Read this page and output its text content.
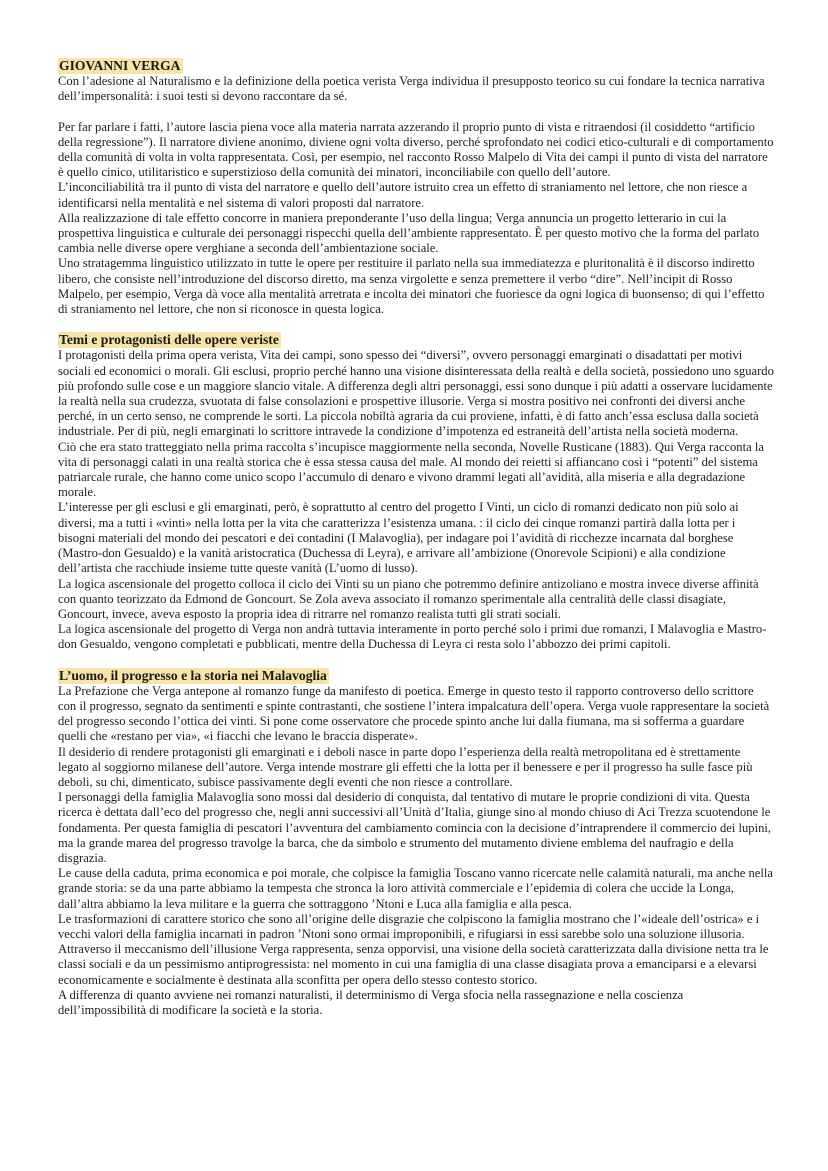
GIOVANNI VERGA

Con l’adesione al Naturalismo e la definizione della poetica verista Verga individua il presupposto teorico su cui fondare la tecnica narrativa dell’impersonalità: i suoi testi si devono raccontare da sé.

Per far parlare i fatti, l’autore lascia piena voce alla materia narrata azzerando il proprio punto di vista e ritraendosi (il cosiddetto “artificio della regressione”). Il narratore diviene anonimo, diviene ogni volta diverso, perché sprofondato nei codici etico-culturali e di comportamento della comunità di volta in volta rappresentata. Così, per esempio, nel racconto Rosso Malpelo di Vita dei campi il punto di vista del narratore è quello cinico, utilitaristico e superstizioso della comunità dei minatori, inconciliabile con quello dell’autore.

L’inconciliabilità tra il punto di vista del narratore e quello dell’autore istruito crea un effetto di straniamento nel lettore, che non riesce a identificarsi nella mentalità e nel sistema di valori proposti dal narratore.

Alla realizzazione di tale effetto concorre in maniera preponderante l’uso della lingua; Verga annuncia un progetto letterario in cui la prospettiva linguistica e culturale dei personaggi rispecchi quella dell’ambiente rappresentato. È per questo motivo che la forma del parlato cambia nelle diverse opere verghiane a seconda dell’ambientazione sociale.

Uno stratagemma linguistico utilizzato in tutte le opere per restituire il parlato nella sua immediatezza e pluritonalità è il discorso indiretto libero, che consiste nell’introduzione del discorso diretto, ma senza virgolette e senza premettere il verbo “dire”. Nell’incipit di Rosso Malpelo, per esempio, Verga dà voce alla mentalità arretrata e incolta dei minatori che fuoriesce da ogni logica di buonsenso; di qui l’effetto di straniamento nel lettore, che non si riconosce in questa logica.

Temi e protagonisti delle opere veriste

I protagonisti della prima opera verista, Vita dei campi, sono spesso dei “diversi”, ovvero personaggi emarginati o disadattati per motivi sociali ed economici o morali. Gli esclusi, proprio perché hanno una visione disinteressata della realtà e della società, possiedono uno sguardo più profondo sulle cose e un maggiore slancio vitale. A differenza degli altri personaggi, essi sono dunque i più adatti a osservare lucidamente la realtà nella sua crudezza, svuotata di false consolazioni e prospettive illusorie. Verga si mostra positivo nei confronti dei diversi anche perché, in un certo senso, ne comprende le sorti. La piccola nobiltà agraria da cui proviene, infatti, è di fatto anch’essa esclusa dalla società industriale. Per di più, negli emarginati lo scrittore intravede la condizione d’impotenza ed estraneità dell’artista nella società moderna.

Ciò che era stato tratteggiato nella prima raccolta s’incupisce maggiormente nella seconda, Novelle Rusticane (1883). Qui Verga racconta la vita di personaggi calati in una realtà storica che è essa stessa causa del male. Al mondo dei reietti si affiancano così i “potenti” del sistema patriarcale rurale, che hanno come unico scopo l’accumulo di denaro e vivono drammi legati all’avidità, alla miseria e alla degradazione morale.

L’interesse per gli esclusi e gli emarginati, però, è soprattutto al centro del progetto I Vinti, un ciclo di romanzi dedicato non più solo ai diversi, ma a tutti i «vinti» nella lotta per la vita che caratterizza l’esistenza umana. : il ciclo dei cinque romanzi partirà dalla lotta per i bisogni materiali del mondo dei pescatori e dei contadini (I Malavoglia), per indagare poi l’avidità di ricchezze incarnata dal borghese (Mastro-don Gesualdo) e la vanità aristocratica (Duchessa di Leyra), e arrivare all’ambizione (Onorevole Scipioni) e alla condizione dell’artista che racchiude insieme tutte queste vanità (L’uomo di lusso).

La logica ascensionale del progetto colloca il ciclo dei Vinti su un piano che potremmo definire antizoliano e mostra invece diverse affinità con quanto teorizzato da Edmond de Goncourt. Se Zola aveva associato il romanzo sperimentale alla centralità delle classi disagiate, Goncourt, invece, aveva esposto la propria idea di ritrarre nel romanzo realista tutti gli strati sociali.

La logica ascensionale del progetto di Verga non andrà tuttavia interamente in porto perché solo i primi due romanzi, I Malavoglia e Mastro-don Gesualdo, vengono completati e pubblicati, mentre della Duchessa di Leyra ci resta solo l’abbozzo dei primi capitoli.

L’uomo, il progresso e la storia nei Malavoglia

La Prefazione che Verga antepone al romanzo funge da manifesto di poetica. Emerge in questo testo il rapporto controverso dello scrittore con il progresso, segnato da sentimenti e spinte contrastanti, che sostiene l’intera impalcatura dell’opera. Verga vuole rappresentare la società del progresso secondo l’ottica dei vinti. Si pone come osservatore che procede spinto anche lui dalla fiumana, ma si sofferma a guardare quelli che «restano per via», «i fiacchi che levano le braccia disperate».

Il desiderio di rendere protagonisti gli emarginati e i deboli nasce in parte dopo l’esperienza della realtà metropolitana ed è strettamente legato al soggiorno milanese dell’autore. Verga intende mostrare gli effetti che la lotta per il benessere e per il progresso ha sulle fasce più deboli, su chi, dimenticato, subisce passivamente degli eventi che non riesce a controllare.

I personaggi della famiglia Malavoglia sono mossi dal desiderio di conquista, dal tentativo di mutare le proprie condizioni di vita. Questa ricerca è dettata dall’eco del progresso che, negli anni successivi all’Unità d’Italia, giunge sino al mondo chiuso di Aci Trezza scuotendone le fondamenta. Per questa famiglia di pescatori l’avventura del cambiamento comincia con la decisione d’intraprendere il commercio dei lupini, ma la grande marea del progresso travolge la barca, che da simbolo e strumento del mutamento diviene emblema del naufragio e della disgrazia.

Le cause della caduta, prima economica e poi morale, che colpisce la famiglia Toscano vanno ricercate nelle calamità naturali, ma anche nella grande storia: se da una parte abbiamo la tempesta che stronca la loro attività commerciale e l’epidemia di colera che uccide la Longa, dall’altra abbiamo la leva militare e la guerra che sottraggono ’Ntoni e Luca alla famiglia e alla pesca.

Le trasformazioni di carattere storico che sono all’origine delle disgrazie che colpiscono la famiglia mostrano che l’«ideale dell’ostrica» e i vecchi valori della famiglia incarnati in padron ’Ntoni sono ormai improponibili, e rifugiarsi in essi sarebbe solo una soluzione illusoria.

Attraverso il meccanismo dell’illusione Verga rappresenta, senza opporvisi, una visione della società caratterizzata dalla divisione netta tra le classi sociali e da un pessimismo antiprogressista: nel momento in cui una famiglia di una classe disagiata prova a emanciparsi e a elevarsi economicamente e socialmente è destinata alla sconfitta per opera dello stesso contesto storico.

A differenza di quanto avviene nei romanzi naturalisti, il determinismo di Verga sfocia nella rassegnazione e nella coscienza dell’impossibilità di modificare la società e la storia.
